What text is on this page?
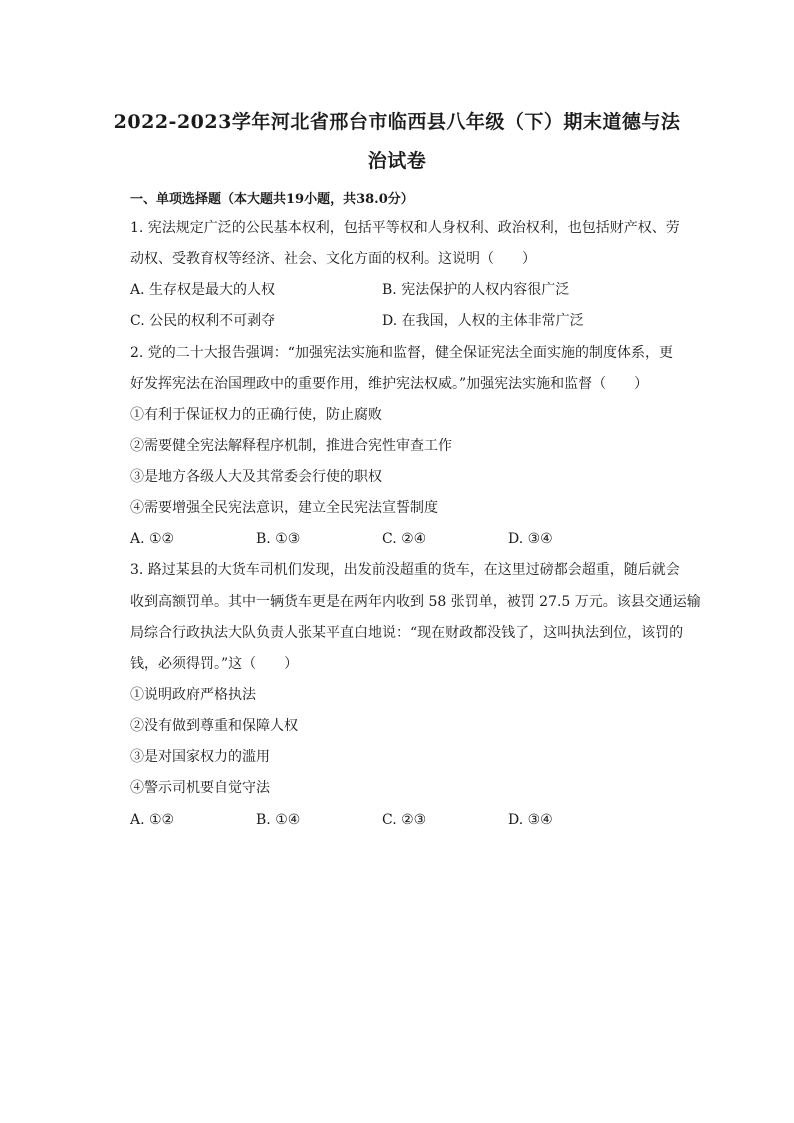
2022-2023学年河北省邢台市临西县八年级（下）期末道德与法
治试卷
一、单项选择题（本大题共19小题，共38.0分）
1. 宪法规定广泛的公民基本权利，包括平等权和人身权利、政治权利，也包括财产权、劳
动权、受教育权等经济、社会、文化方面的权利。这说明（　　）
A. 生存权是最大的人权	B. 宪法保护的人权内容很广泛
C. 公民的权利不可剥夺	D. 在我国，人权的主体非常广泛
2. 党的二十大报告强调：“加强宪法实施和监督，健全保证宪法全面实施的制度体系，更
好发挥宪法在治国理政中的重要作用，维护宪法权威。”加强宪法实施和监督（　　）
①有利于保证权力的正确行使，防止腐败
②需要健全宪法解释程序机制，推进合宪性审查工作
③是地方各级人大及其常委会行使的职权
④需要增强全民宪法意识，建立全民宪法宣誓制度
A. ①②	B. ①③	C. ②④	D. ③④
3. 路过某县的大货车司机们发现，出发前没超重的货车，在这里过磅都会超重，随后就会
收到高额罚单。其中一辆货车更是在两年内收到 58 张罚单，被罚 27.5 万元。该县交通运输
局综合行政执法大队负责人张某平直白地说：“现在财政都没钱了，这叫执法到位，该罚的
钱，必须得罚。”这（　　）
①说明政府严格执法
②没有做到尊重和保障人权
③是对国家权力的滥用
④警示司机要自觉守法
A. ①②	B. ①④	C. ②③	D. ③④
